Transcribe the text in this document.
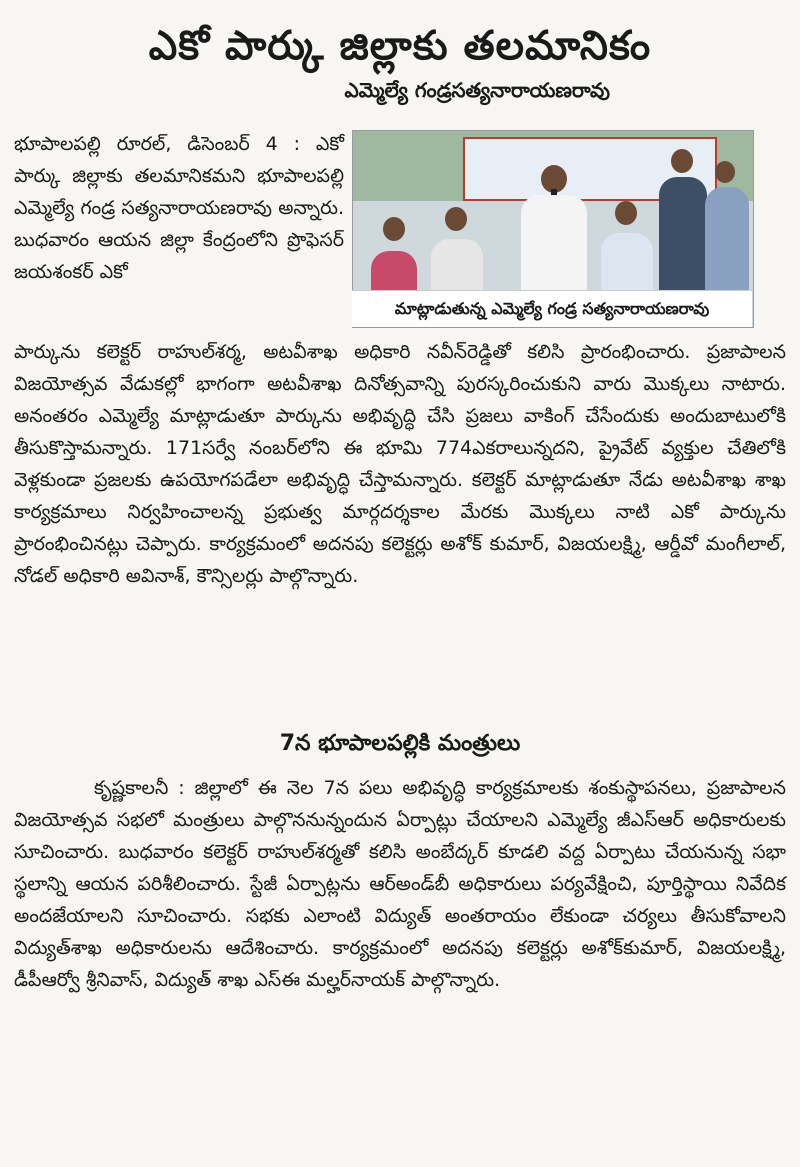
ఎకో పార్కు జిల్లాకు తలమానికం
ఎమ్మెల్యే గండ్రసత్యనారాయణరావు

భూపాలపల్లి రూరల్‌, డిసెంబర్‌ 4 : ఎకో పార్కు జిల్లాకు తలమానికమని భూపాలపల్లి ఎమ్మెల్యే గండ్ర సత్యనారాయణరావు అన్నారు. బుధవారం ఆయన జిల్లా కేంద్రంలోని ప్రొఫెసర్‌ జయశంకర్‌ ఎకో

మాట్లాడుతున్న ఎమ్మెల్యే గండ్ర సత్యనారాయణరావు

పార్కును కలెక్టర్‌ రాహుల్‌శర్మ, అటవీశాఖ అధికారి నవీన్‌రెడ్డితో కలిసి ప్రారంభించారు. ప్రజాపాలన విజయోత్సవ వేడుకల్లో భాగంగా అటవీశాఖ దినోత్సవాన్ని పురస్కరించుకుని వారు మొక్కలు నాటారు. అనంతరం ఎమ్మెల్యే మాట్లాడుతూ పార్కును అభివృద్ధి చేసి ప్రజలు వాకింగ్‌ చేసేందుకు అందుబాటులోకి తీసుకొస్తామన్నారు. 171సర్వే నంబర్‌లోని ఈ భూమి 774ఎకరాలున్నదని, ప్రైవేట్‌ వ్యక్తుల చేతిలోకి వెళ్లకుండా ప్రజలకు ఉపయోగపడేలా అభివృద్ధి చేస్తామన్నారు. కలెక్టర్‌ మాట్లాడుతూ నేడు అటవీశాఖ శాఖ కార్యక్రమాలు నిర్వహించాలన్న ప్రభుత్వ మార్గదర్శకాల మేరకు మొక్కలు నాటి ఎకో పార్కును ప్రారంభించినట్లు చెప్పారు. కార్యక్రమంలో అదనపు కలెక్టర్లు అశోక్‌ కుమార్‌, విజయలక్ష్మి, ఆర్డీవో మంగీలాల్‌, నోడల్‌ అధికారి అవినాశ్‌, కౌన్సిలర్లు పాల్గొన్నారు.

7న భూపాలపల్లికి మంత్రులు

కృష్ణకాలనీ : జిల్లాలో ఈ నెల 7న పలు అభివృద్ధి కార్యక్రమాలకు శంకుస్థాపనలు, ప్రజాపాలన విజయోత్సవ సభలో మంత్రులు పాల్గొననున్నందున ఏర్పాట్లు చేయాలని ఎమ్మెల్యే జీఎస్‌ఆర్‌ అధికారులకు సూచించారు. బుధవారం కలెక్టర్‌ రాహుల్‌శర్మతో కలిసి అంబేద్కర్‌ కూడలి వద్ద ఏర్పాటు చేయనున్న సభా స్థలాన్ని ఆయన పరిశీలించారు. స్టేజీ ఏర్పాట్లను ఆర్‌అండ్‌బీ అధికారులు పర్యవేక్షించి, పూర్తిస్థాయి నివేదిక అందజేయాలని సూచించారు. సభకు ఎలాంటి విద్యుత్‌ అంతరాయం లేకుండా చర్యలు తీసుకోవాలని విద్యుత్‌శాఖ అధికారులను ఆదేశించారు. కార్యక్రమంలో అదనపు కలెక్టర్లు అశోక్‌కుమార్‌, విజయలక్ష్మి, డీపీఆర్వో శ్రీనివాస్‌, విద్యుత్‌ శాఖ ఎస్‌ఈ మల్హర్‌నాయక్‌ పాల్గొన్నారు.
